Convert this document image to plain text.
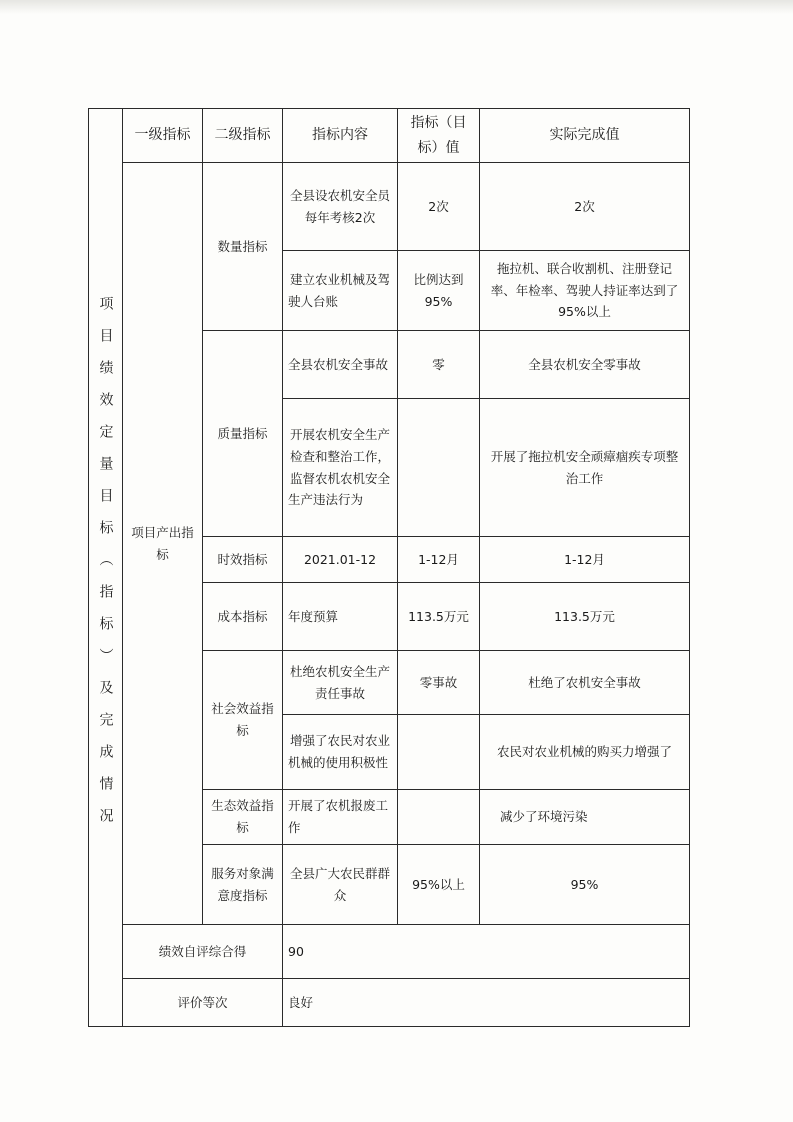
项目绩效定量目标（指标）及完成情况	一级指标	二级指标	指标内容	指标（目标）值	实际完成值
	项目产出指标	数量指标	全县设农机安全员每年考核2次	2次	2次
			建立农业机械及驾驶人台账	比例达到95%	拖拉机、联合收割机、注册登记率、年检率、驾驶人持证率达到了95%以上
		质量指标	全县农机安全事故	零	全县农机安全零事故
			开展农机安全生产检查和整治工作，监督农机农机安全生产违法行为		开展了拖拉机安全顽瘴痼疾专项整治工作
		时效指标	2021.01-12	1-12月	1-12月
		成本指标	年度预算	113.5万元	113.5万元
		社会效益指标	杜绝农机安全生产责任事故	零事故	杜绝了农机安全事故
			增强了农民对农业机械的使用积极性		农民对农业机械的购买力增强了
		生态效益指标	开展了农机报废工作		减少了环境污染
		服务对象满意度指标	全县广大农民群群众	95%以上	95%
	绩效自评综合得		90		
	评价等次		良好		
